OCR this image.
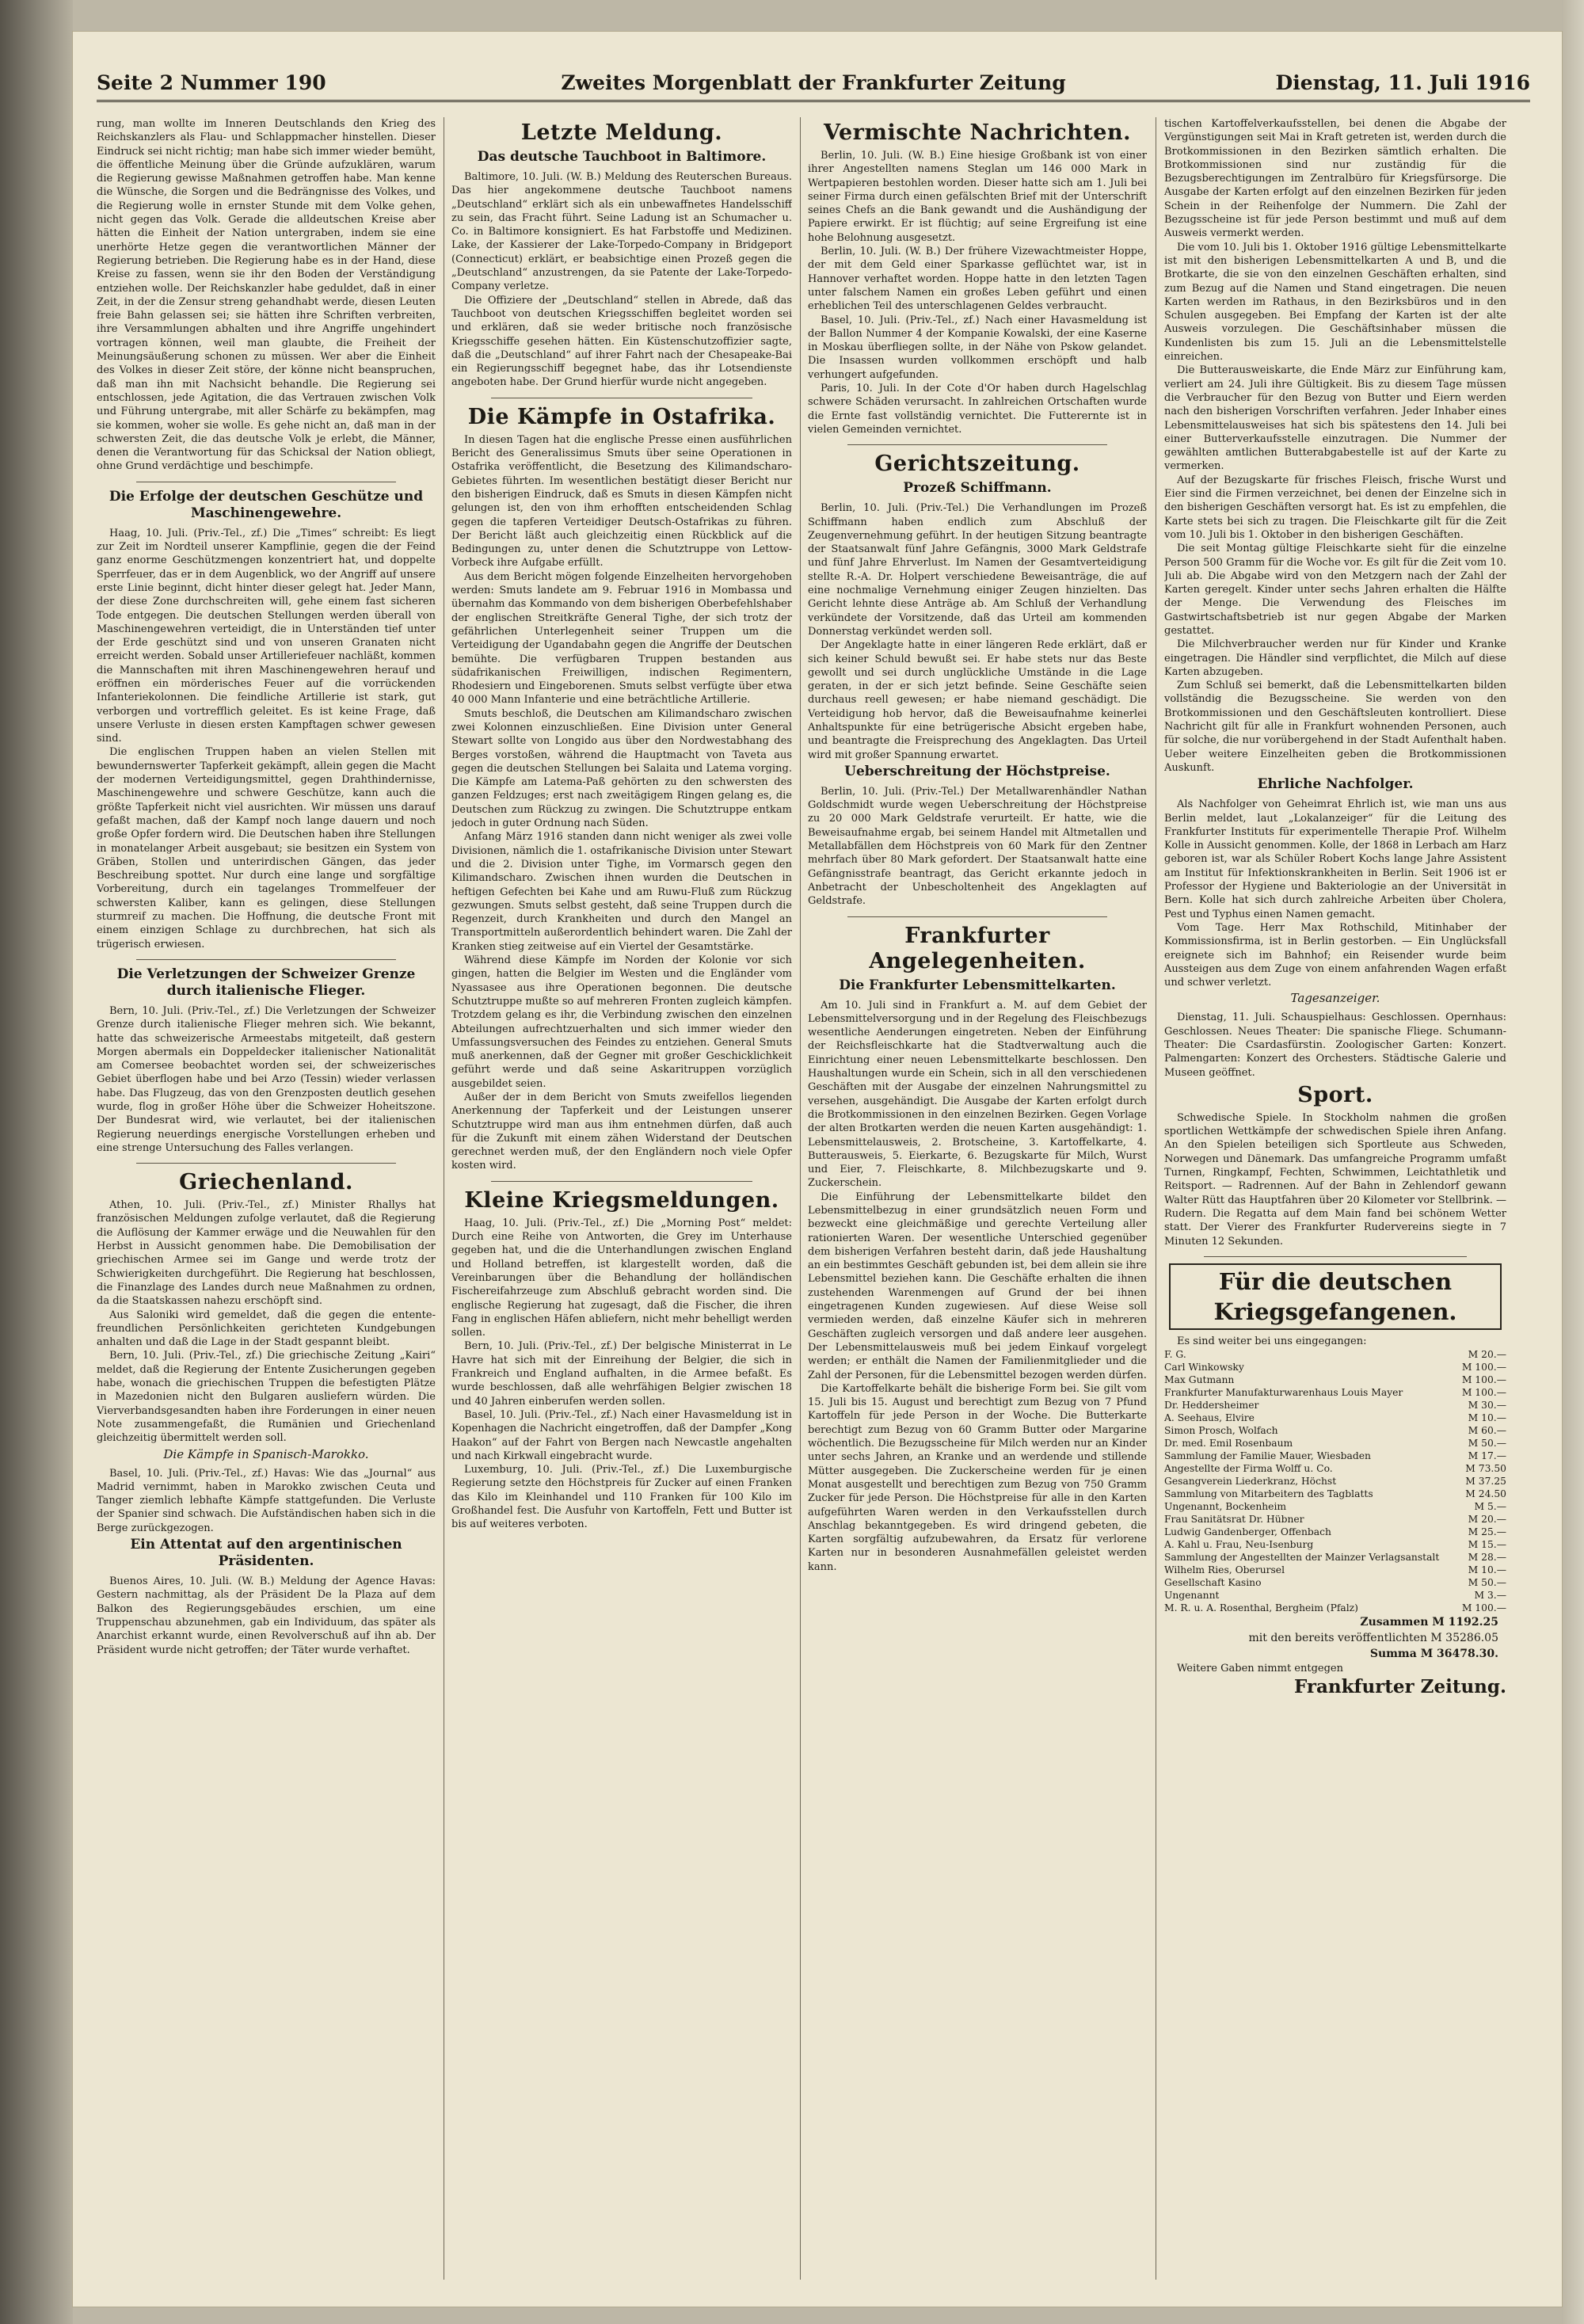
Zweites Morgenblatt der Frankfurter Zeitung
Seite 2 Nummer 190	Dienstag, 11. Juli 1916

rung, man wollte im Inneren Deutschlands den Krieg des Reichskanzlers als Flau- und Schlappmacher hinstellen. Dieser Eindruck sei nicht richtig; man habe sich immer wieder bemüht, die öffentliche Meinung über die Gründe aufzuklären, warum die Regierung gewisse Maßnahmen getroffen habe. Man kenne die Wünsche, die Sorgen und die Bedrängnisse des Volkes, und die Regierung wolle in ernster Stunde mit dem Volke gehen, nicht gegen das Volk. Gerade die alldeutschen Kreise aber hätten die Einheit der Nation untergraben, indem sie eine unerhörte Hetze gegen die verantwortlichen Männer der Regierung betrieben. Die Regierung habe es in der Hand, diese Kreise zu fassen, wenn sie ihr den Boden der Verständigung entziehen wolle. Der Reichskanzler habe geduldet, daß in einer Zeit, in der die Zensur streng gehandhabt werde, diesen Leuten freie Bahn gelassen sei; sie hätten ihre Schriften verbreiten, ihre Versammlungen abhalten und ihre Angriffe ungehindert vortragen können, weil man glaubte, die Freiheit der Meinungsäußerung schonen zu müssen. Wer aber die Einheit des Volkes in dieser Zeit störe, der könne nicht beanspruchen, daß man ihn mit Nachsicht behandle. Die Regierung sei entschlossen, jede Agitation, die das Vertrauen zwischen Volk und Führung untergrabe, mit aller Schärfe zu bekämpfen, mag sie kommen, woher sie wolle. Es gehe nicht an, daß man in der schwersten Zeit, die das deutsche Volk je erlebt, die Männer, denen die Verantwortung für das Schicksal der Nation obliegt, ohne Grund verdächtige und beschimpfe.

Die Erfolge der deutschen Geschütze und Maschinengewehre.

Haag, 10. Juli. (Priv.-Tel., zf.) Die „Times“ schreibt: Es liegt zur Zeit im Nordteil unserer Kampflinie, gegen die der Feind ganz enorme Geschützmengen konzentriert hat, und doppelte Sperrfeuer, das er in dem Augenblick, wo der Angriff auf unsere erste Linie beginnt, dicht hinter dieser gelegt hat. Jeder Mann, der diese Zone durchschreiten will, gehe einem fast sicheren Tode entgegen. Die deutschen Stellungen werden überall von Maschinengewehren verteidigt, die in Unterständen tief unter der Erde geschützt sind und von unseren Granaten nicht erreicht werden. Sobald unser Artilleriefeuer nachläßt, kommen die Mannschaften mit ihren Maschinengewehren herauf und eröffnen ein mörderisches Feuer auf die vorrückenden Infanteriekolonnen. Die feindliche Artillerie ist stark, gut verborgen und vortrefflich geleitet. Es ist keine Frage, daß unsere Verluste in diesen ersten Kampftagen schwer gewesen sind.

Die englischen Truppen haben an vielen Stellen mit bewundernswerter Tapferkeit gekämpft, allein gegen die Macht der modernen Verteidigungsmittel, gegen Drahthindernisse, Maschinengewehre und schwere Geschütze, kann auch die größte Tapferkeit nicht viel ausrichten. Wir müssen uns darauf gefaßt machen, daß der Kampf noch lange dauern und noch große Opfer fordern wird. Die Deutschen haben ihre Stellungen in monatelanger Arbeit ausgebaut; sie besitzen ein System von Gräben, Stollen und unterirdischen Gängen, das jeder Beschreibung spottet. Nur durch eine lange und sorgfältige Vorbereitung, durch ein tagelanges Trommelfeuer der schwersten Kaliber, kann es gelingen, diese Stellungen sturmreif zu machen. Die Hoffnung, die deutsche Front mit einem einzigen Schlage zu durchbrechen, hat sich als trügerisch erwiesen.

Die Verletzungen der Schweizer Grenze durch italienische Flieger.

Bern, 10. Juli. (Priv.-Tel., zf.) Die Verletzungen der Schweizer Grenze durch italienische Flieger mehren sich. Wie bekannt, hatte das schweizerische Armeestabs mitgeteilt, daß gestern Morgen abermals ein Doppeldecker italienischer Nationalität am Comersee beobachtet worden sei, der schweizerisches Gebiet überflogen habe und bei Arzo (Tessin) wieder verlassen habe. Das Flugzeug, das von den Grenzposten deutlich gesehen wurde, flog in großer Höhe über die Schweizer Hoheitszone. Der Bundesrat wird, wie verlautet, bei der italienischen Regierung neuerdings energische Vorstellungen erheben und eine strenge Untersuchung des Falles verlangen.

Griechenland.

Athen, 10. Juli. (Priv.-Tel., zf.) Minister Rhallys hat französischen Meldungen zufolge verlautet, daß die Regierung die Auflösung der Kammer erwäge und die Neuwahlen für den Herbst in Aussicht genommen habe. Die Demobilisation der griechischen Armee sei im Gange und werde trotz der Schwierigkeiten durchgeführt. Die Regierung hat beschlossen, die Finanzlage des Landes durch neue Maßnahmen zu ordnen, da die Staatskassen nahezu erschöpft sind.

Aus Saloniki wird gemeldet, daß die gegen die entente-freundlichen Persönlichkeiten gerichteten Kundgebungen anhalten und daß die Lage in der Stadt gespannt bleibt.

Bern, 10. Juli. (Priv.-Tel., zf.) Die griechische Zeitung „Kairi“ meldet, daß die Regierung der Entente Zusicherungen gegeben habe, wonach die griechischen Truppen die befestigten Plätze in Mazedonien nicht den Bulgaren ausliefern würden. Die Vierverbandsgesandten haben ihre Forderungen in einer neuen Note zusammengefaßt, die Rumänien und Griechenland gleichzeitig übermittelt werden soll.

Die Kämpfe in Spanisch-Marokko.

Basel, 10. Juli. (Priv.-Tel., zf.) Havas: Wie das „Journal“ aus Madrid vernimmt, haben in Marokko zwischen Ceuta und Tanger ziemlich lebhafte Kämpfe stattgefunden. Die Verluste der Spanier sind schwach. Die Aufständischen haben sich in die Berge zurückgezogen.

Ein Attentat auf den argentinischen Präsidenten.

Buenos Aires, 10. Juli. (W. B.) Meldung der Agence Havas: Gestern nachmittag, als der Präsident De la Plaza auf dem Balkon des Regierungsgebäudes erschien, um eine Truppenschau abzunehmen, gab ein Individuum, das später als Anarchist erkannt wurde, einen Revolverschuß auf ihn ab. Der Präsident wurde nicht getroffen; der Täter wurde verhaftet.

Letzte Meldung.
Das deutsche Tauchboot in Baltimore.

Baltimore, 10. Juli. (W. B.) Meldung des Reuterschen Bureaus. Das hier angekommene deutsche Tauchboot namens „Deutschland“ erklärt sich als ein unbewaffnetes Handelsschiff zu sein, das Fracht führt. Seine Ladung ist an Schumacher u. Co. in Baltimore konsigniert. Es hat Farbstoffe und Medizinen. Lake, der Kassierer der Lake-Torpedo-Company in Bridgeport (Connecticut) erklärt, er beabsichtige einen Prozeß gegen die „Deutschland“ anzustrengen, da sie Patente der Lake-Torpedo-Company verletze.

Die Offiziere der „Deutschland“ stellen in Abrede, daß das Tauchboot von deutschen Kriegsschiffen begleitet worden sei und erklären, daß sie weder britische noch französische Kriegsschiffe gesehen hätten. Ein Küstenschutzoffizier sagte, daß die „Deutschland“ auf ihrer Fahrt nach der Chesapeake-Bai ein Regierungsschiff begegnet habe, das ihr Lotsendienste angeboten habe. Der Grund hierfür wurde nicht angegeben.

Die Kämpfe in Ostafrika.

In diesen Tagen hat die englische Presse einen ausführlichen Bericht des Generalissimus Smuts über seine Operationen in Ostafrika veröffentlicht, die Besetzung des Kilimandscharo-Gebietes führten. Im wesentlichen bestätigt dieser Bericht nur den bisherigen Eindruck, daß es Smuts in diesen Kämpfen nicht gelungen ist, den von ihm erhofften entscheidenden Schlag gegen die tapferen Verteidiger Deutsch-Ostafrikas zu führen. Der Bericht läßt auch gleichzeitig einen Rückblick auf die Bedingungen zu, unter denen die Schutztruppe von Lettow-Vorbeck ihre Aufgabe erfüllt.

Aus dem Bericht mögen folgende Einzelheiten hervorgehoben werden: Smuts landete am 9. Februar 1916 in Mombassa und übernahm das Kommando von dem bisherigen Oberbefehlshaber der englischen Streitkräfte General Tighe, der sich trotz der gefährlichen Unterlegenheit seiner Truppen um die Verteidigung der Ugandabahn gegen die Angriffe der Deutschen bemühte. Die verfügbaren Truppen bestanden aus südafrikanischen Freiwilligen, indischen Regimentern, Rhodesiern und Eingeborenen. Smuts selbst verfügte über etwa 40 000 Mann Infanterie und eine beträchtliche Artillerie.

Smuts beschloß, die Deutschen am Kilimandscharo zwischen zwei Kolonnen einzuschließen. Eine Division unter General Stewart sollte von Longido aus über den Nordwestabhang des Berges vorstoßen, während die Hauptmacht von Taveta aus gegen die deutschen Stellungen bei Salaita und Latema vorging. Die Kämpfe am Latema-Paß gehörten zu den schwersten des ganzen Feldzuges; erst nach zweitägigem Ringen gelang es, die Deutschen zum Rückzug zu zwingen. Die Schutztruppe entkam jedoch in guter Ordnung nach Süden.

Anfang März 1916 standen dann nicht weniger als zwei volle Divisionen, nämlich die 1. ostafrikanische Division unter Stewart und die 2. Division unter Tighe, im Vormarsch gegen den Kilimandscharo. Zwischen ihnen wurden die Deutschen in heftigen Gefechten bei Kahe und am Ruwu-Fluß zum Rückzug gezwungen. Smuts selbst gesteht, daß seine Truppen durch die Regenzeit, durch Krankheiten und durch den Mangel an Transportmitteln außerordentlich behindert waren. Die Zahl der Kranken stieg zeitweise auf ein Viertel der Gesamtstärke.

Während diese Kämpfe im Norden der Kolonie vor sich gingen, hatten die Belgier im Westen und die Engländer vom Nyassasee aus ihre Operationen begonnen. Die deutsche Schutztruppe mußte so auf mehreren Fronten zugleich kämpfen. Trotzdem gelang es ihr, die Verbindung zwischen den einzelnen Abteilungen aufrechtzuerhalten und sich immer wieder den Umfassungsversuchen des Feindes zu entziehen. General Smuts muß anerkennen, daß der Gegner mit großer Geschicklichkeit geführt werde und daß seine Askaritruppen vorzüglich ausgebildet seien.

Außer der in dem Bericht von Smuts zweifellos liegenden Anerkennung der Tapferkeit und der Leistungen unserer Schutztruppe wird man aus ihm entnehmen dürfen, daß auch für die Zukunft mit einem zähen Widerstand der Deutschen gerechnet werden muß, der den Engländern noch viele Opfer kosten wird.

Kleine Kriegsmeldungen.

Haag, 10. Juli. (Priv.-Tel., zf.) Die „Morning Post“ meldet: Durch eine Reihe von Antworten, die Grey im Unterhause gegeben hat, und die die Unterhandlungen zwischen England und Holland betreffen, ist klargestellt worden, daß die Vereinbarungen über die Behandlung der holländischen Fischereifahrzeuge zum Abschluß gebracht worden sind. Die englische Regierung hat zugesagt, daß die Fischer, die ihren Fang in englischen Häfen abliefern, nicht mehr behelligt werden sollen.

Bern, 10. Juli. (Priv.-Tel., zf.) Der belgische Ministerrat in Le Havre hat sich mit der Einreihung der Belgier, die sich in Frankreich und England aufhalten, in die Armee befaßt. Es wurde beschlossen, daß alle wehrfähigen Belgier zwischen 18 und 40 Jahren einberufen werden sollen.

Basel, 10. Juli. (Priv.-Tel., zf.) Nach einer Havasmeldung ist in Kopenhagen die Nachricht eingetroffen, daß der Dampfer „Kong Haakon“ auf der Fahrt von Bergen nach Newcastle angehalten und nach Kirkwall eingebracht wurde.

Luxemburg, 10. Juli. (Priv.-Tel., zf.) Die Luxemburgische Regierung setzte den Höchstpreis für Zucker auf einen Franken das Kilo im Kleinhandel und 110 Franken für 100 Kilo im Großhandel fest. Die Ausfuhr von Kartoffeln, Fett und Butter ist bis auf weiteres verboten.

Vermischte Nachrichten.

Berlin, 10. Juli. (W. B.) Eine hiesige Großbank ist von einer ihrer Angestellten namens Steglan um 146 000 Mark in Wertpapieren bestohlen worden. Dieser hatte sich am 1. Juli bei seiner Firma durch einen gefälschten Brief mit der Unterschrift seines Chefs an die Bank gewandt und die Aushändigung der Papiere erwirkt. Er ist flüchtig; auf seine Ergreifung ist eine hohe Belohnung ausgesetzt.

Berlin, 10. Juli. (W. B.) Der frühere Vizewachtmeister Hoppe, der mit dem Geld einer Sparkasse geflüchtet war, ist in Hannover verhaftet worden. Hoppe hatte in den letzten Tagen unter falschem Namen ein großes Leben geführt und einen erheblichen Teil des unterschlagenen Geldes verbraucht.

Basel, 10. Juli. (Priv.-Tel., zf.) Nach einer Havasmeldung ist der Ballon Nummer 4 der Kompanie Kowalski, der eine Kaserne in Moskau überfliegen sollte, in der Nähe von Pskow gelandet. Die Insassen wurden vollkommen erschöpft und halb verhungert aufgefunden.

Paris, 10. Juli. In der Cote d'Or haben durch Hagelschlag schwere Schäden verursacht. In zahlreichen Ortschaften wurde die Ernte fast vollständig vernichtet. Die Futterernte ist in vielen Gemeinden vernichtet.

Gerichtszeitung.
Prozeß Schiffmann.

Berlin, 10. Juli. (Priv.-Tel.) Die Verhandlungen im Prozeß Schiffmann haben endlich zum Abschluß der Zeugenvernehmung geführt. In der heutigen Sitzung beantragte der Staatsanwalt fünf Jahre Gefängnis, 3000 Mark Geldstrafe und fünf Jahre Ehrverlust. Im Namen der Gesamtverteidigung stellte R.-A. Dr. Holpert verschiedene Beweisanträge, die auf eine nochmalige Vernehmung einiger Zeugen hinzielten. Das Gericht lehnte diese Anträge ab. Am Schluß der Verhandlung verkündete der Vorsitzende, daß das Urteil am kommenden Donnerstag verkündet werden soll.

Der Angeklagte hatte in einer längeren Rede erklärt, daß er sich keiner Schuld bewußt sei. Er habe stets nur das Beste gewollt und sei durch unglückliche Umstände in die Lage geraten, in der er sich jetzt befinde. Seine Geschäfte seien durchaus reell gewesen; er habe niemand geschädigt. Die Verteidigung hob hervor, daß die Beweisaufnahme keinerlei Anhaltspunkte für eine betrügerische Absicht ergeben habe, und beantragte die Freisprechung des Angeklagten. Das Urteil wird mit großer Spannung erwartet.

Ueberschreitung der Höchstpreise.

Berlin, 10. Juli. (Priv.-Tel.) Der Metallwarenhändler Nathan Goldschmidt wurde wegen Ueberschreitung der Höchstpreise zu 20 000 Mark Geldstrafe verurteilt. Er hatte, wie die Beweisaufnahme ergab, bei seinem Handel mit Altmetallen und Metallabfällen dem Höchstpreis von 60 Mark für den Zentner mehrfach über 80 Mark gefordert. Der Staatsanwalt hatte eine Gefängnisstrafe beantragt, das Gericht erkannte jedoch in Anbetracht der Unbescholtenheit des Angeklagten auf Geldstrafe.

Frankfurter Angelegenheiten.
Die Frankfurter Lebensmittelkarten.

Am 10. Juli sind in Frankfurt a. M. auf dem Gebiet der Lebensmittelversorgung und in der Regelung des Fleischbezugs wesentliche Aenderungen eingetreten. Neben der Einführung der Reichsfleischkarte hat die Stadtverwaltung auch die Einrichtung einer neuen Lebensmittelkarte beschlossen. Den Haushaltungen wurde ein Schein, sich in all den verschiedenen Geschäften mit der Ausgabe der einzelnen Nahrungsmittel zu versehen, ausgehändigt. Die Ausgabe der Karten erfolgt durch die Brotkommissionen in den einzelnen Bezirken. Gegen Vorlage der alten Brotkarten werden die neuen Karten ausgehändigt: 1. Lebensmittelausweis, 2. Brotscheine, 3. Kartoffelkarte, 4. Butterausweis, 5. Eierkarte, 6. Bezugskarte für Milch, Wurst und Eier, 7. Fleischkarte, 8. Milchbezugskarte und 9. Zuckerschein.

Die Einführung der Lebensmittelkarte bildet den Lebensmittelbezug in einer grundsätzlich neuen Form und bezweckt eine gleichmäßige und gerechte Verteilung aller rationierten Waren. Der wesentliche Unterschied gegenüber dem bisherigen Verfahren besteht darin, daß jede Haushaltung an ein bestimmtes Geschäft gebunden ist, bei dem allein sie ihre Lebensmittel beziehen kann. Die Geschäfte erhalten die ihnen zustehenden Warenmengen auf Grund der bei ihnen eingetragenen Kunden zugewiesen. Auf diese Weise soll vermieden werden, daß einzelne Käufer sich in mehreren Geschäften zugleich versorgen und daß andere leer ausgehen. Der Lebensmittelausweis muß bei jedem Einkauf vorgelegt werden; er enthält die Namen der Familienmitglieder und die Zahl der Personen, für die Lebensmittel bezogen werden dürfen.

Die Kartoffelkarte behält die bisherige Form bei. Sie gilt vom 15. Juli bis 15. August und berechtigt zum Bezug von 7 Pfund Kartoffeln für jede Person in der Woche. Die Butterkarte berechtigt zum Bezug von 60 Gramm Butter oder Margarine wöchentlich. Die Bezugsscheine für Milch werden nur an Kinder unter sechs Jahren, an Kranke und an werdende und stillende Mütter ausgegeben. Die Zuckerscheine werden für je einen Monat ausgestellt und berechtigen zum Bezug von 750 Gramm Zucker für jede Person. Die Höchstpreise für alle in den Karten aufgeführten Waren werden in den Verkaufsstellen durch Anschlag bekanntgegeben. Es wird dringend gebeten, die Karten sorgfältig aufzubewahren, da Ersatz für verlorene Karten nur in besonderen Ausnahmefällen geleistet werden kann.

tischen Kartoffelverkaufsstellen, bei denen die Abgabe der Vergünstigungen seit Mai in Kraft getreten ist, werden durch die Brotkommissionen in den Bezirken sämtlich erhalten. Die Brotkommissionen sind nur zuständig für die Bezugsberechtigungen im Zentralbüro für Kriegsfürsorge. Die Ausgabe der Karten erfolgt auf den einzelnen Bezirken für jeden Schein in der Reihenfolge der Nummern. Die Zahl der Bezugsscheine ist für jede Person bestimmt und muß auf dem Ausweis vermerkt werden.

Die vom 10. Juli bis 1. Oktober 1916 gültige Lebensmittelkarte ist mit den bisherigen Lebensmittelkarten A und B, und die Brotkarte, die sie von den einzelnen Geschäften erhalten, sind zum Bezug auf die Namen und Stand eingetragen. Die neuen Karten werden im Rathaus, in den Bezirksbüros und in den Schulen ausgegeben. Bei Empfang der Karten ist der alte Ausweis vorzulegen. Die Geschäftsinhaber müssen die Kundenlisten bis zum 15. Juli an die Lebensmittelstelle einreichen.

Die Butterausweiskarte, die Ende März zur Einführung kam, verliert am 24. Juli ihre Gültigkeit. Bis zu diesem Tage müssen die Verbraucher für den Bezug von Butter und Eiern werden nach den bisherigen Vorschriften verfahren. Jeder Inhaber eines Lebensmittelausweises hat sich bis spätestens den 14. Juli bei einer Butterverkaufsstelle einzutragen. Die Nummer der gewählten amtlichen Butterabgabestelle ist auf der Karte zu vermerken.

Auf der Bezugskarte für frisches Fleisch, frische Wurst und Eier sind die Firmen verzeichnet, bei denen der Einzelne sich in den bisherigen Geschäften versorgt hat. Es ist zu empfehlen, die Karte stets bei sich zu tragen. Die Fleischkarte gilt für die Zeit vom 10. Juli bis 1. Oktober in den bisherigen Geschäften.

Die seit Montag gültige Fleischkarte sieht für die einzelne Person 500 Gramm für die Woche vor. Es gilt für die Zeit vom 10. Juli ab. Die Abgabe wird von den Metzgern nach der Zahl der Karten geregelt. Kinder unter sechs Jahren erhalten die Hälfte der Menge. Die Verwendung des Fleisches im Gastwirtschaftsbetrieb ist nur gegen Abgabe der Marken gestattet.

Die Milchverbraucher werden nur für Kinder und Kranke eingetragen. Die Händler sind verpflichtet, die Milch auf diese Karten abzugeben.

Zum Schluß sei bemerkt, daß die Lebensmittelkarten bilden vollständig die Bezugsscheine. Sie werden von den Brotkommissionen und den Geschäftsleuten kontrolliert. Diese Nachricht gilt für alle in Frankfurt wohnenden Personen, auch für solche, die nur vorübergehend in der Stadt Aufenthalt haben. Ueber weitere Einzelheiten geben die Brotkommissionen Auskunft.

Ehrliche Nachfolger.

Als Nachfolger von Geheimrat Ehrlich ist, wie man uns aus Berlin meldet, laut „Lokalanzeiger“ für die Leitung des Frankfurter Instituts für experimentelle Therapie Prof. Wilhelm Kolle in Aussicht genommen. Kolle, der 1868 in Lerbach am Harz geboren ist, war als Schüler Robert Kochs lange Jahre Assistent am Institut für Infektionskrankheiten in Berlin. Seit 1906 ist er Professor der Hygiene und Bakteriologie an der Universität in Bern. Kolle hat sich durch zahlreiche Arbeiten über Cholera, Pest und Typhus einen Namen gemacht.

Vom Tage. Herr Max Rothschild, Mitinhaber der Kommissionsfirma, ist in Berlin gestorben. — Ein Unglücksfall ereignete sich im Bahnhof; ein Reisender wurde beim Aussteigen aus dem Zuge von einem anfahrenden Wagen erfaßt und schwer verletzt.

Tagesanzeiger.

Dienstag, 11. Juli. Schauspielhaus: Geschlossen. Opernhaus: Geschlossen. Neues Theater: Die spanische Fliege. Schumann-Theater: Die Csardasfürstin. Zoologischer Garten: Konzert. Palmengarten: Konzert des Orchesters. Städtische Galerie und Museen geöffnet.

Sport.

Schwedische Spiele. In Stockholm nahmen die großen sportlichen Wettkämpfe der schwedischen Spiele ihren Anfang. An den Spielen beteiligen sich Sportleute aus Schweden, Norwegen und Dänemark. Das umfangreiche Programm umfaßt Turnen, Ringkampf, Fechten, Schwimmen, Leichtathletik und Reitsport. — Radrennen. Auf der Bahn in Zehlendorf gewann Walter Rütt das Hauptfahren über 20 Kilometer vor Stellbrink. — Rudern. Die Regatta auf dem Main fand bei schönem Wetter statt. Der Vierer des Frankfurter Rudervereins siegte in 7 Minuten 12 Sekunden.

Für die deutschen Kriegsgefangenen.

Es sind weiter bei uns eingegangen:

F. G.	M 20.—
Carl Winkowsky	M 100.—
Max Gutmann	M 100.—
Frankfurter Manufakturwarenhaus Louis Mayer	M 100.—
Dr. Heddersheimer	M 30.—
A. Seehaus, Elvire	M 10.—
Simon Prosch, Wolfach	M 60.—
Dr. med. Emil Rosenbaum	M 50.—
Sammlung der Familie Mauer, Wiesbaden	M 17.—
Angestellte der Firma Wolff u. Co.	M 73.50
Gesangverein Liederkranz, Höchst	M 37.25
Sammlung von Mitarbeitern des Tagblatts	M 24.50
Ungenannt, Bockenheim	M 5.—
Frau Sanitätsrat Dr. Hübner	M 20.—
Ludwig Gandenberger, Offenbach	M 25.—
A. Kahl u. Frau, Neu-Isenburg	M 15.—
Sammlung der Angestellten der Mainzer Verlagsanstalt	M 28.—
Wilhelm Ries, Oberursel	M 10.—
Gesellschaft Kasino	M 50.—
Ungenannt	M 3.—
M. R. u. A. Rosenthal, Bergheim (Pfalz)	M 100.—
Zusammen M 1192.25
mit den bereits veröffentlichten M 35286.05
Summa M 36478.30.

Weitere Gaben nimmt entgegen

Frankfurter Zeitung.
